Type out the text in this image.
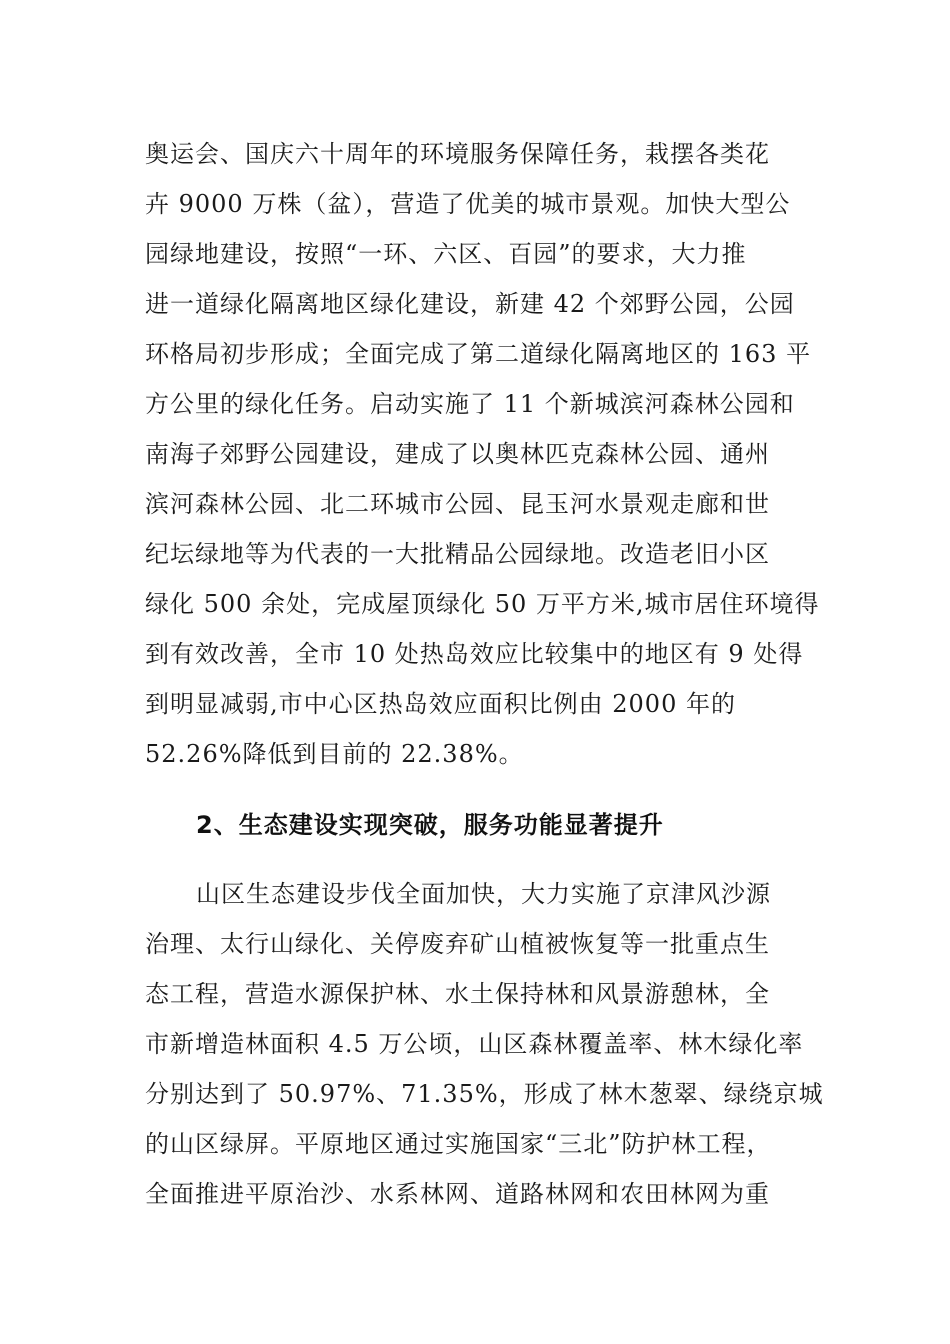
奥运会、国庆六十周年的环境服务保障任务，栽摆各类花
卉 9000 万株（盆），营造了优美的城市景观。加快大型公
园绿地建设，按照“一环、六区、百园”的要求，大力推
进一道绿化隔离地区绿化建设，新建 42 个郊野公园，公园
环格局初步形成；全面完成了第二道绿化隔离地区的 163 平
方公里的绿化任务。启动实施了 11 个新城滨河森林公园和
南海子郊野公园建设，建成了以奥林匹克森林公园、通州
滨河森林公园、北二环城市公园、昆玉河水景观走廊和世
纪坛绿地等为代表的一大批精品公园绿地。改造老旧小区
绿化 500 余处，完成屋顶绿化 50 万平方米,城市居住环境得
到有效改善，全市 10 处热岛效应比较集中的地区有 9 处得
到明显减弱,市中心区热岛效应面积比例由 2000 年的
52.26%降低到目前的 22.38%。
2、生态建设实现突破，服务功能显著提升
山区生态建设步伐全面加快，大力实施了京津风沙源
治理、太行山绿化、关停废弃矿山植被恢复等一批重点生
态工程，营造水源保护林、水土保持林和风景游憩林，全
市新增造林面积 4.5 万公顷，山区森林覆盖率、林木绿化率
分别达到了 50.97%、71.35%，形成了林木葱翠、绿绕京城
的山区绿屏。平原地区通过实施国家“三北”防护林工程，
全面推进平原治沙、水系林网、道路林网和农田林网为重
